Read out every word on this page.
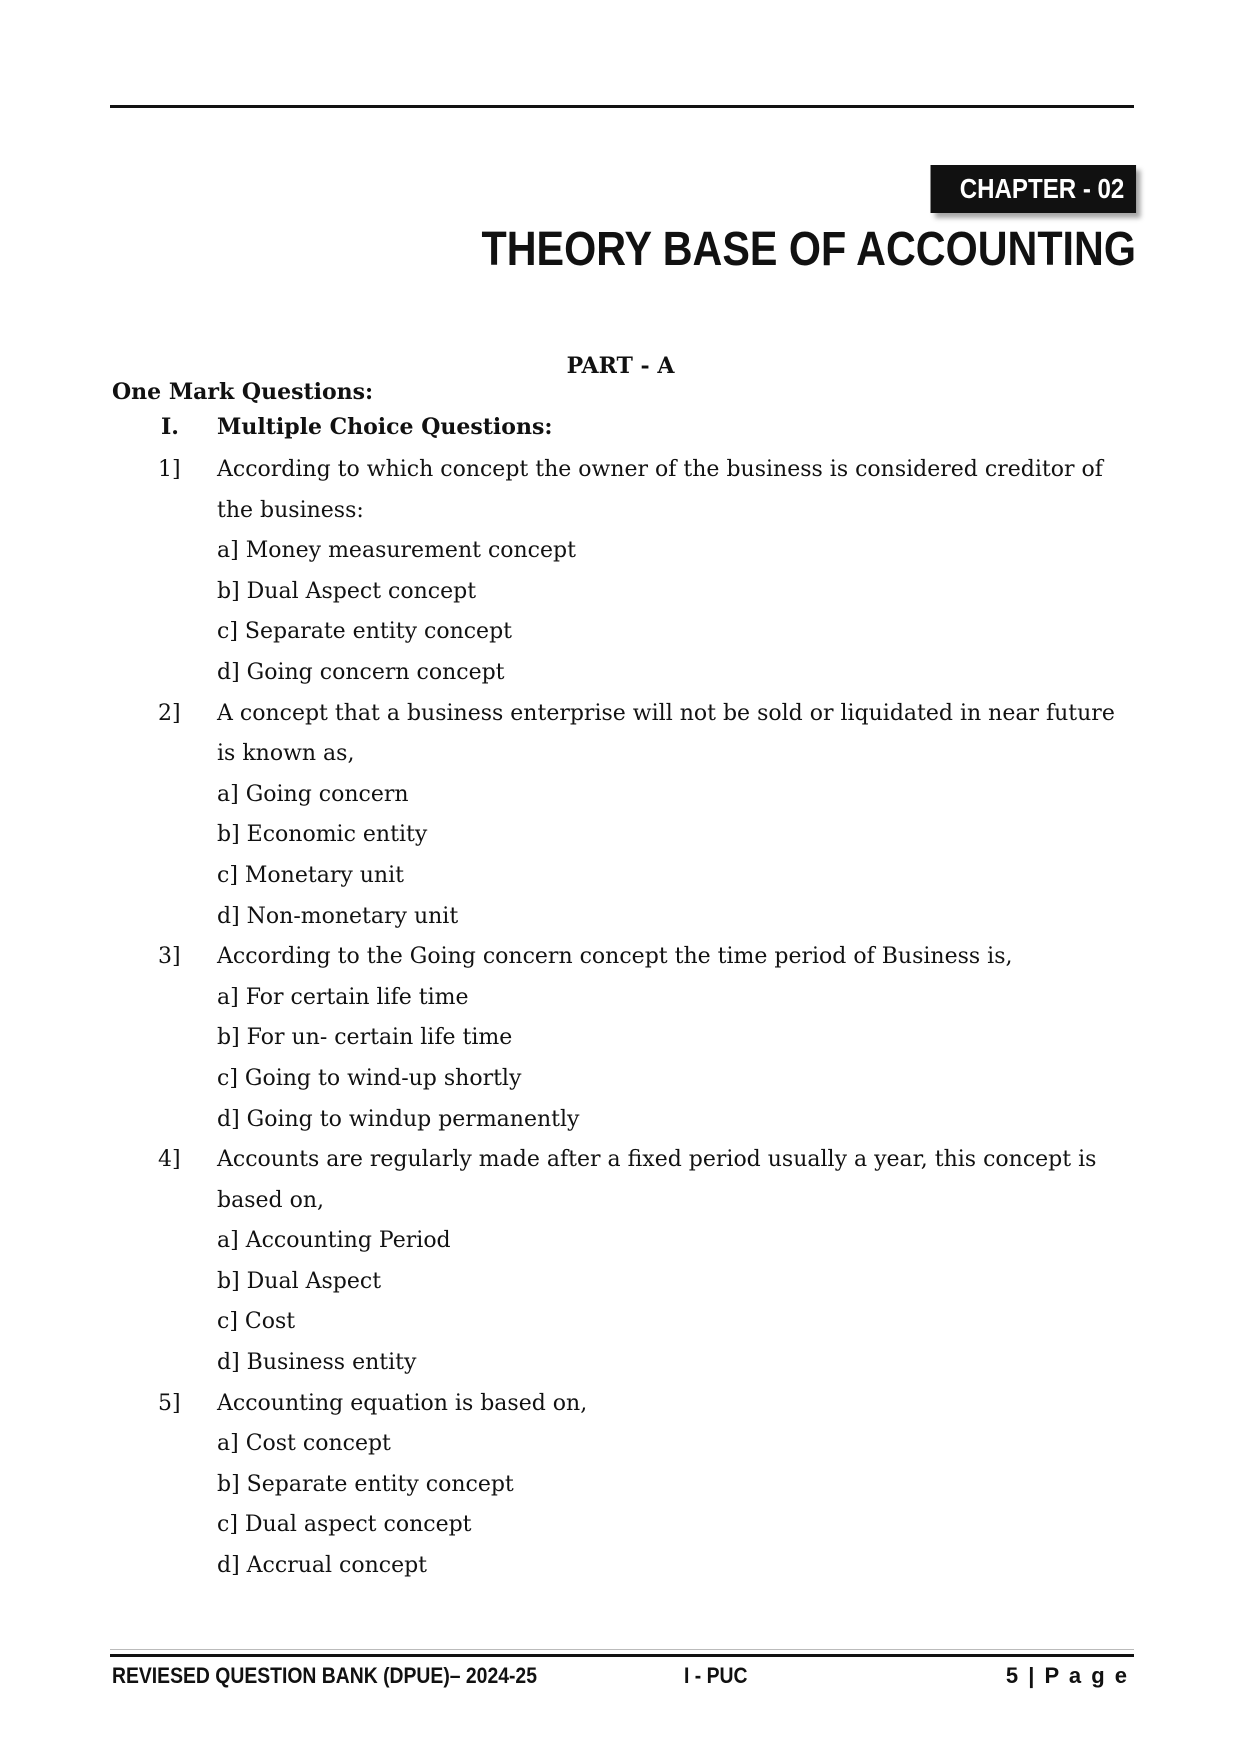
CHAPTER - 02
THEORY BASE OF ACCOUNTING
PART - A
One Mark Questions:
I. Multiple Choice Questions:
1] According to which concept the owner of the business is considered creditor of the business:
a] Money measurement concept
b] Dual Aspect concept
c] Separate entity concept
d] Going concern concept
2] A concept that a business enterprise will not be sold or liquidated in near future is known as,
a] Going concern
b] Economic entity
c] Monetary unit
d] Non-monetary unit
3] According to the Going concern concept the time period of Business is,
a] For certain life time
b] For un- certain life time
c] Going to wind-up shortly
d] Going to windup permanently
4] Accounts are regularly made after a fixed period usually a year, this concept is based on,
a] Accounting Period
b] Dual Aspect
c] Cost
d] Business entity
5] Accounting equation is based on,
a] Cost concept
b] Separate entity concept
c] Dual aspect concept
d] Accrual concept
REVIESED QUESTION BANK (DPUE)– 2024-25	I - PUC	5 | P a g e
